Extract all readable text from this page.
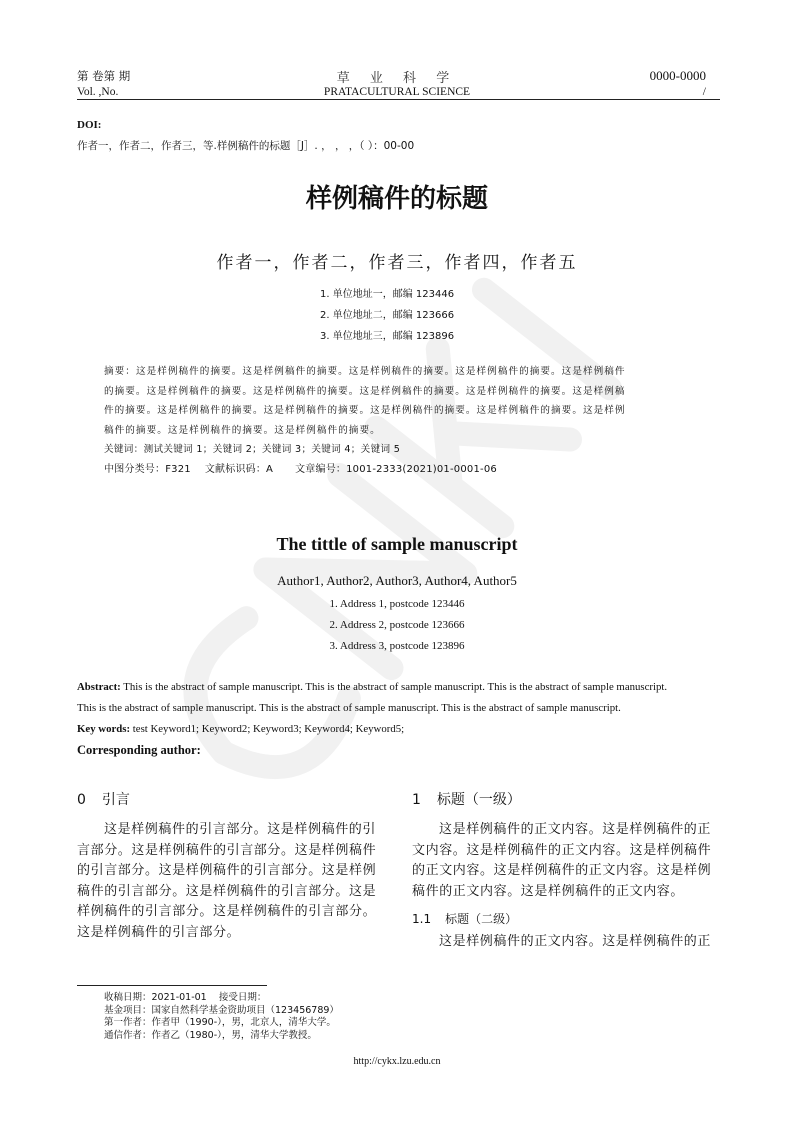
第 卷第 期
Vol. ,No.
草 业 科 学
PRATACULTURAL SCIENCE
0000-0000
/
DOI:
作者一，作者二，作者三，等.样例稿件的标题［J］. ， ， ，（ ）：00-00
样例稿件的标题
作者一，作者二，作者三，作者四，作者五
1. 单位地址一，邮编 123446
2. 单位地址二，邮编 123666
3. 单位地址三，邮编 123896
摘要：这是样例稿件的摘要。这是样例稿件的摘要。这是样例稿件的摘要。这是样例稿件的摘要。这是样例稿件
的摘要。这是样例稿件的摘要。这是样例稿件的摘要。这是样例稿件的摘要。这是样例稿件的摘要。这是样例稿
件的摘要。这是样例稿件的摘要。这是样例稿件的摘要。这是样例稿件的摘要。这是样例稿件的摘要。这是样例
稿件的摘要。这是样例稿件的摘要。这是样例稿件的摘要。
关键词：测试关键词 1；关键词 2；关键词 3；关键词 4；关键词 5
中图分类号：F321 文献标识码：A 文章编号：1001-2333(2021)01-0001-06
The tittle of sample manuscript
Author1, Author2, Author3, Author4, Author5
1. Address 1, postcode 123446
2. Address 2, postcode 123666
3. Address 3, postcode 123896
Abstract: This is the abstract of sample manuscript. This is the abstract of sample manuscript. This is the abstract of sample manuscript.
This is the abstract of sample manuscript. This is the abstract of sample manuscript. This is the abstract of sample manuscript.
Key words: test Keyword1; Keyword2; Keyword3; Keyword4; Keyword5;
Corresponding author:
0 引言
这是样例稿件的引言部分。这是样例稿件的引
言部分。这是样例稿件的引言部分。这是样例稿件
的引言部分。这是样例稿件的引言部分。这是样例
稿件的引言部分。这是样例稿件的引言部分。这是
样例稿件的引言部分。这是样例稿件的引言部分。
这是样例稿件的引言部分。
1 标题（一级）
这是样例稿件的正文内容。这是样例稿件的正
文内容。这是样例稿件的正文内容。这是样例稿件
的正文内容。这是样例稿件的正文内容。这是样例
稿件的正文内容。这是样例稿件的正文内容。
1.1 标题（二级）
这是样例稿件的正文内容。这是样例稿件的正
收稿日期：2021-01-01    接受日期：
基金项目：国家自然科学基金资助项目（123456789）
第一作者：作者甲（1990-），男，北京人，清华大学。
通信作者：作者乙（1980-），男，清华大学教授。
http://cykx.lzu.edu.cn
